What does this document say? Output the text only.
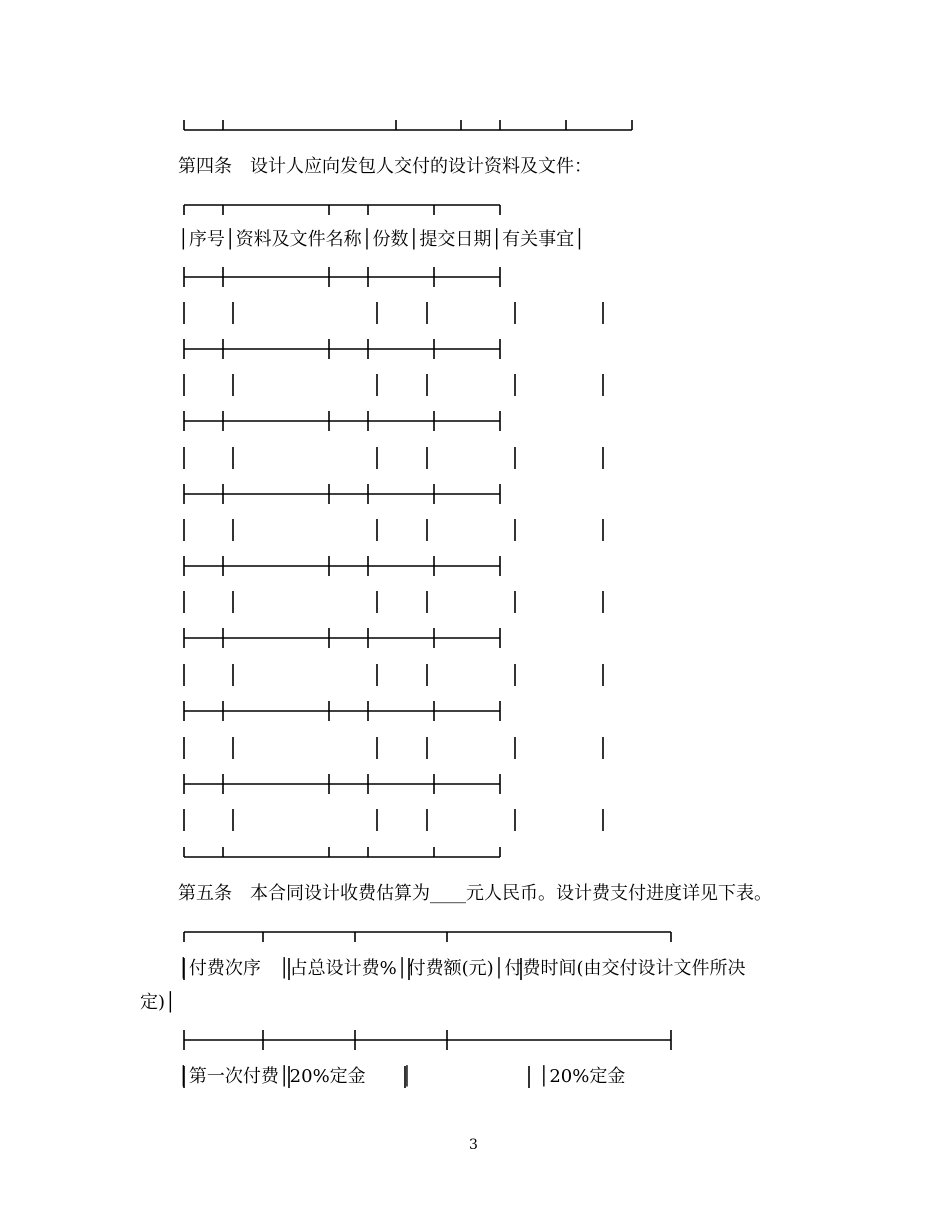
第四条　设计人应向发包人交付的设计资料及文件：
│序号│资料及文件名称│份数│提交日期│有关事宜│
第五条　本合同设计收费估算为____元人民币。设计费支付进度详见下表。
│付费次序　│占总设计费%│付费额(元)│付费时间(由交付设计文件所决
定)│
│第一次付费│20%定金　　│　　　　　　　│20%定金
3
